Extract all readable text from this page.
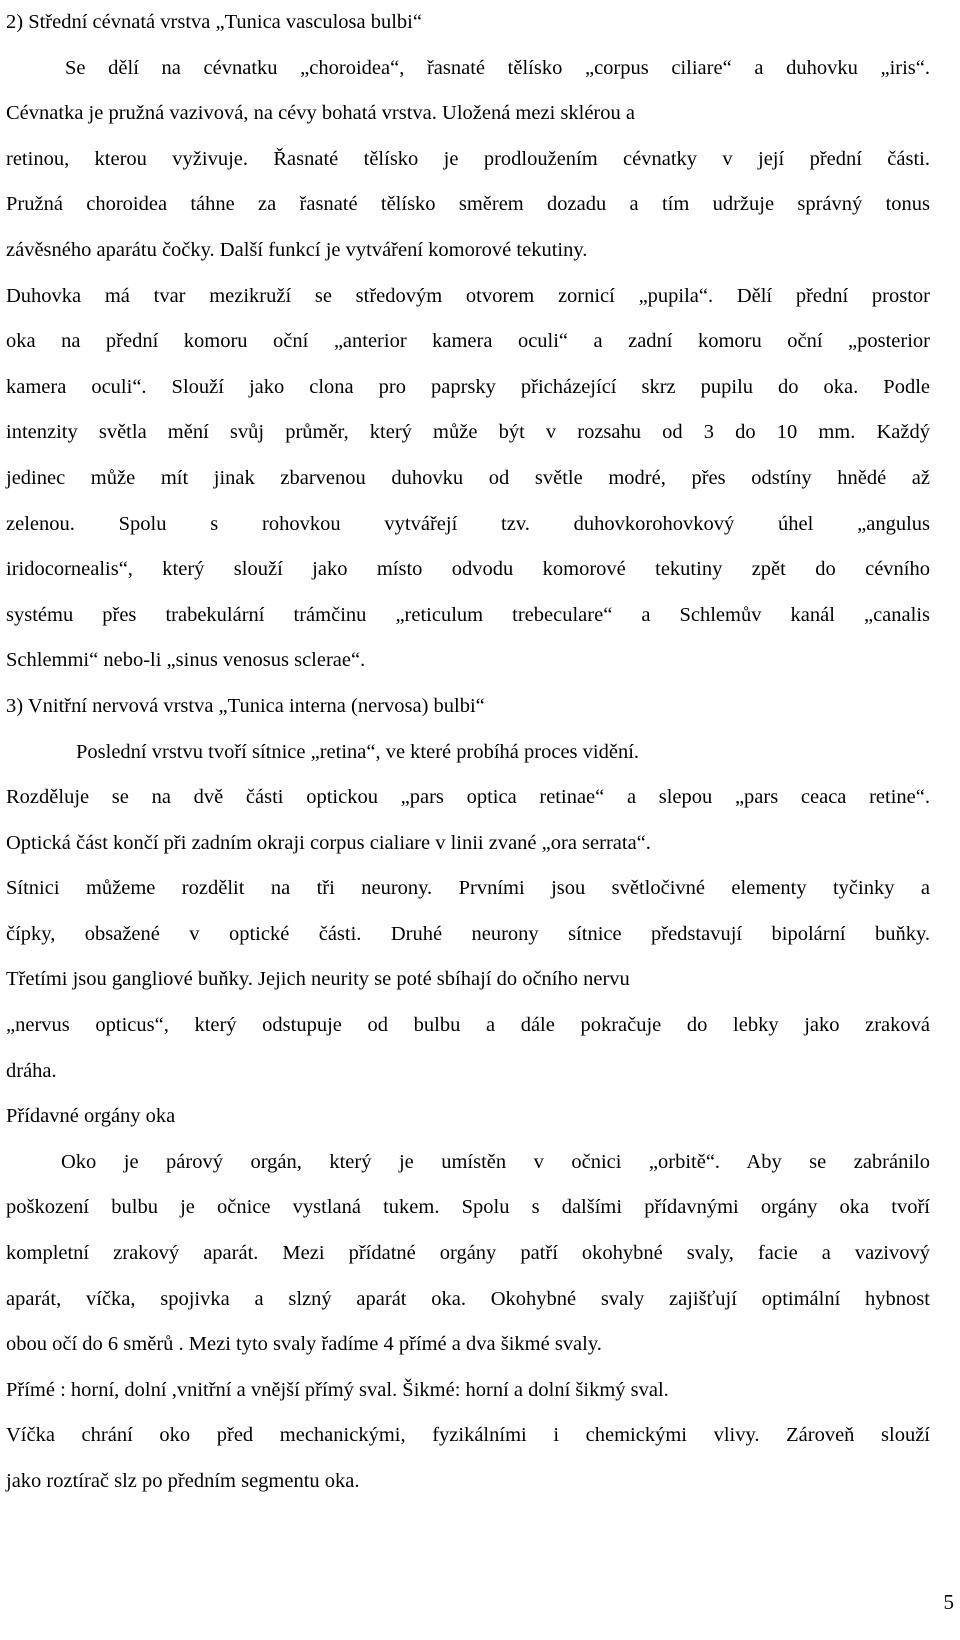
2) Střední cévnatá vrstva „Tunica vasculosa bulbi“
Se dělí na cévnatku „choroidea“, řasnaté tělísko „corpus ciliare“ a duhovku „iris“.
Cévnatka je pružná vazivová, na cévy bohatá vrstva. Uložená mezi sklérou a
retinou, kterou vyživuje. Řasnaté tělísko je prodloužením cévnatky v její přední části.
Pružná choroidea táhne za řasnaté tělísko směrem dozadu a tím udržuje správný tonus
závěsného aparátu čočky. Další funkcí je vytváření komorové tekutiny.
Duhovka má tvar mezikruží se středovým otvorem zornicí „pupila“. Dělí přední prostor
oka na přední komoru oční „anterior kamera oculi“ a zadní komoru oční „posterior
kamera oculi“. Slouží jako clona pro paprsky přicházející skrz pupilu do oka. Podle
intenzity světla mění svůj průměr, který může být v rozsahu od 3 do 10 mm. Každý
jedinec může mít jinak zbarvenou duhovku od světle modré, přes odstíny hnědé až
zelenou. Spolu s rohovkou vytvářejí tzv. duhovkorohovkový úhel „angulus
iridocornealis“, který slouží jako místo odvodu komorové tekutiny zpět do cévního
systému přes trabekulární trámčinu „reticulum trebeculare“ a Schlemův kanál „canalis
Schlemmi“ nebo-li „sinus venosus sclerae“.
3) Vnitřní nervová vrstva „Tunica interna (nervosa) bulbi“
Poslední vrstvu tvoří sítnice „retina“, ve které probíhá proces vidění.
Rozděluje se na dvě části optickou „pars optica retinae“ a slepou „pars ceaca retine“.
Optická část končí při zadním okraji corpus cialiare v linii zvané „ora serrata“.
Sítnici můžeme rozdělit na tři neurony. Prvními jsou světločivné elementy tyčinky a
čípky, obsažené v optické části. Druhé neurony sítnice představují bipolární buňky.
Třetími jsou gangliové buňky. Jejich neurity se poté sbíhají do očního nervu
„nervus opticus“, který odstupuje od bulbu a dále pokračuje do lebky jako zraková
dráha.
Přídavné orgány oka
Oko je párový orgán, který je umístěn v očnici „orbitě“. Aby se zabránilo
poškození bulbu je očnice vystlaná tukem. Spolu s dalšími přídavnými orgány oka tvoří
kompletní zrakový aparát. Mezi přídatné orgány patří okohybné svaly, facie a vazivový
aparát, víčka, spojivka a slzný aparát oka. Okohybné svaly zajišťují optimální hybnost
obou očí do 6 směrů . Mezi tyto svaly řadíme 4 přímé a dva šikmé svaly.
Přímé : horní, dolní ,vnitřní a vnější přímý sval. Šikmé: horní a dolní šikmý sval.
Víčka chrání oko před mechanickými, fyzikálními i chemickými vlivy. Zároveň slouží
jako roztírač slz po předním segmentu oka.
5
